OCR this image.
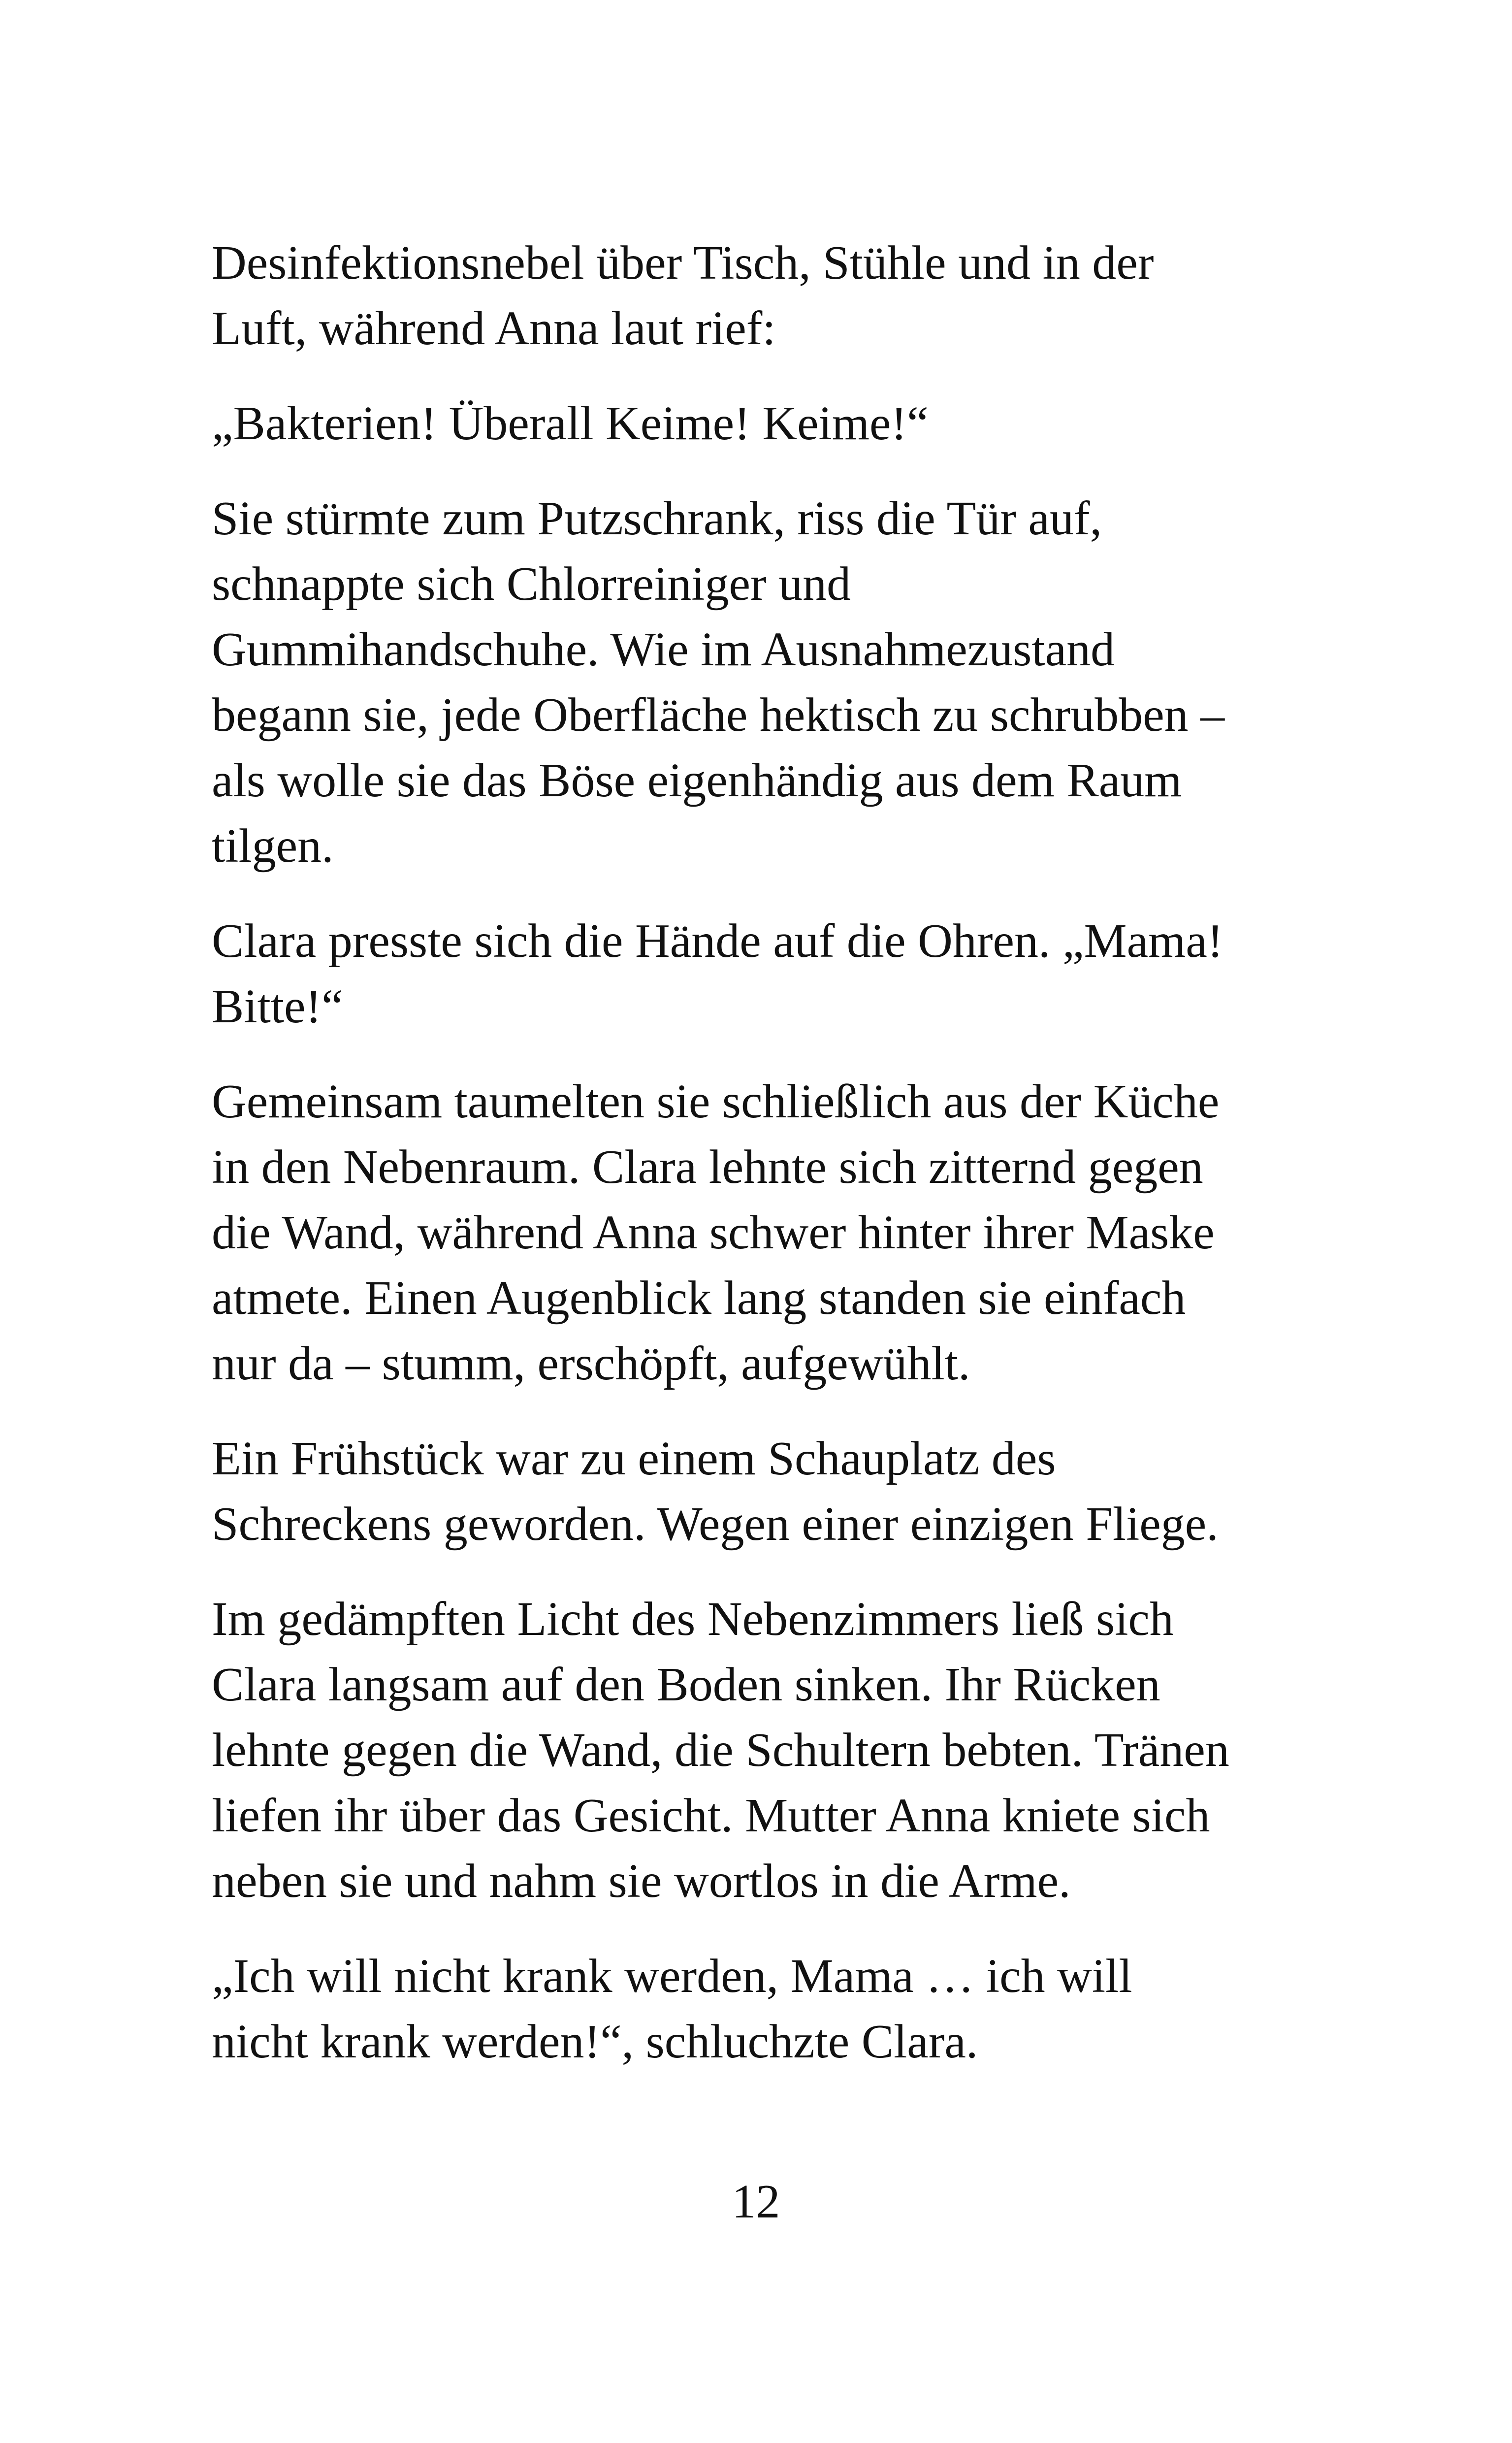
Desinfektionsnebel über Tisch, Stühle und in der
Luft, während Anna laut rief:

„Bakterien! Überall Keime! Keime!“

Sie stürmte zum Putzschrank, riss die Tür auf,
schnappte sich Chlorreiniger und
Gummihandschuhe. Wie im Ausnahmezustand
begann sie, jede Oberfläche hektisch zu schrubben –
als wolle sie das Böse eigenhändig aus dem Raum
tilgen.

Clara presste sich die Hände auf die Ohren. „Mama!
Bitte!“

Gemeinsam taumelten sie schließlich aus der Küche
in den Nebenraum. Clara lehnte sich zitternd gegen
die Wand, während Anna schwer hinter ihrer Maske
atmete. Einen Augenblick lang standen sie einfach
nur da – stumm, erschöpft, aufgewühlt.

Ein Frühstück war zu einem Schauplatz des
Schreckens geworden. Wegen einer einzigen Fliege.

Im gedämpften Licht des Nebenzimmers ließ sich
Clara langsam auf den Boden sinken. Ihr Rücken
lehnte gegen die Wand, die Schultern bebten. Tränen
liefen ihr über das Gesicht. Mutter Anna kniete sich
neben sie und nahm sie wortlos in die Arme.

„Ich will nicht krank werden, Mama … ich will
nicht krank werden!“, schluchzte Clara.

12
